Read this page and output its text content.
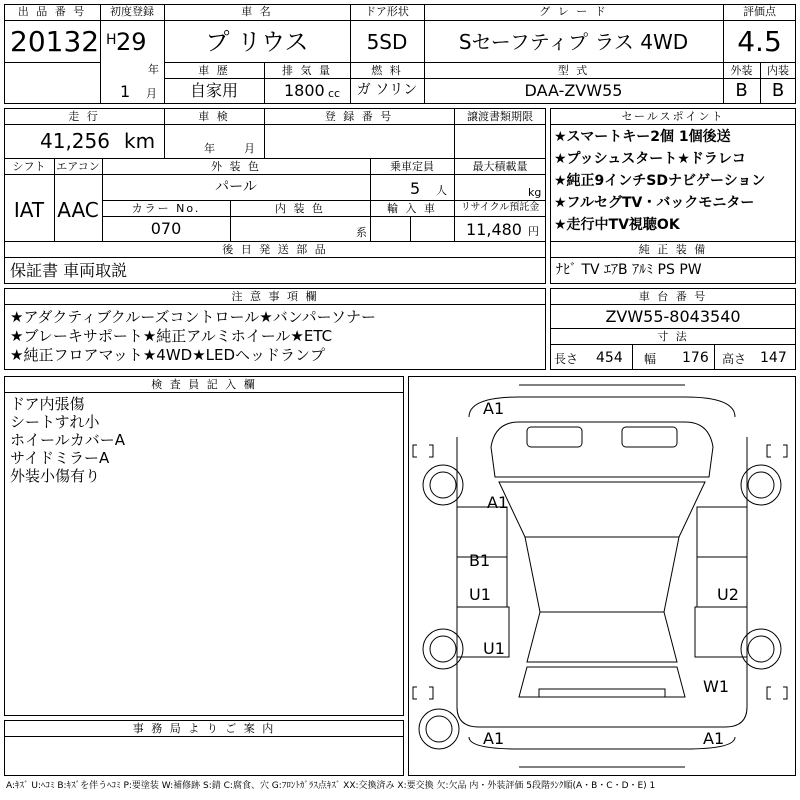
出 品 番 号
20132
初度登録
H 29
年
1 月
車 名
プ リウス
ドア形状
5SD
グ レ ー ド
Sセーフティプ ラス 4WD
評価点
4.5
車 歴
自家用
排 気 量
1800 cc
燃 料
ガ ソリン
型 式
DAA-ZVW55
外装	内装
B	B
走 行
41,256 km
車 検
年 月
登 録 番 号	譲渡書類期限
シフト エアコン
IAT AAC
外 装 色
パール
乗車定員
5 人
最大積載量
kg
カラー No.
070
内 装 色
系
輸 入 車	リサイクル預託金
11,480 円
後 日 発 送 部 品
保証書 車両取説
セールスポイント
★スマートキー2個 1個後送
★プッシュスタート★ドラレコ
★純正9インチSDナビゲーション
★フルセグTV・バックモニター
★走行中TV視聴OK
純 正 装 備
ﾅﾋﾞ TV ｴｱB ｱﾙﾐ PS PW
注 意 事 項 欄
★アダクティブクルーズコントロール★バンパーソナー
★ブレーキサポート★純正アルミホイール★ETC
★純正フロアマット★4WD★LEDヘッドランプ
車 台 番 号
ZVW55-8043540
寸 法
長さ 454 幅 176 高さ 147
検 査 員 記 入 欄
ドア内張傷
シートすれ小
ホイールカバーA
サイドミラーA
外装小傷有り
事 務 局 よ り ご 案 内
A1
A1
B1
U1
U1
U2
W1
A1	A1
A:ｷｽﾞ U:ﾍｺﾐ B:ｷｽﾞを伴うﾍｺﾐ P:要塗装 W:補修跡 S:錆 C:腐食、穴 G:ﾌﾛﾝﾄｶﾞﾗｽ点ｷｽﾞ XX:交換済み X:要交換 欠:欠品 内・外装評価 5段階ﾗﾝｸ順(A・B・C・D・E) 1
